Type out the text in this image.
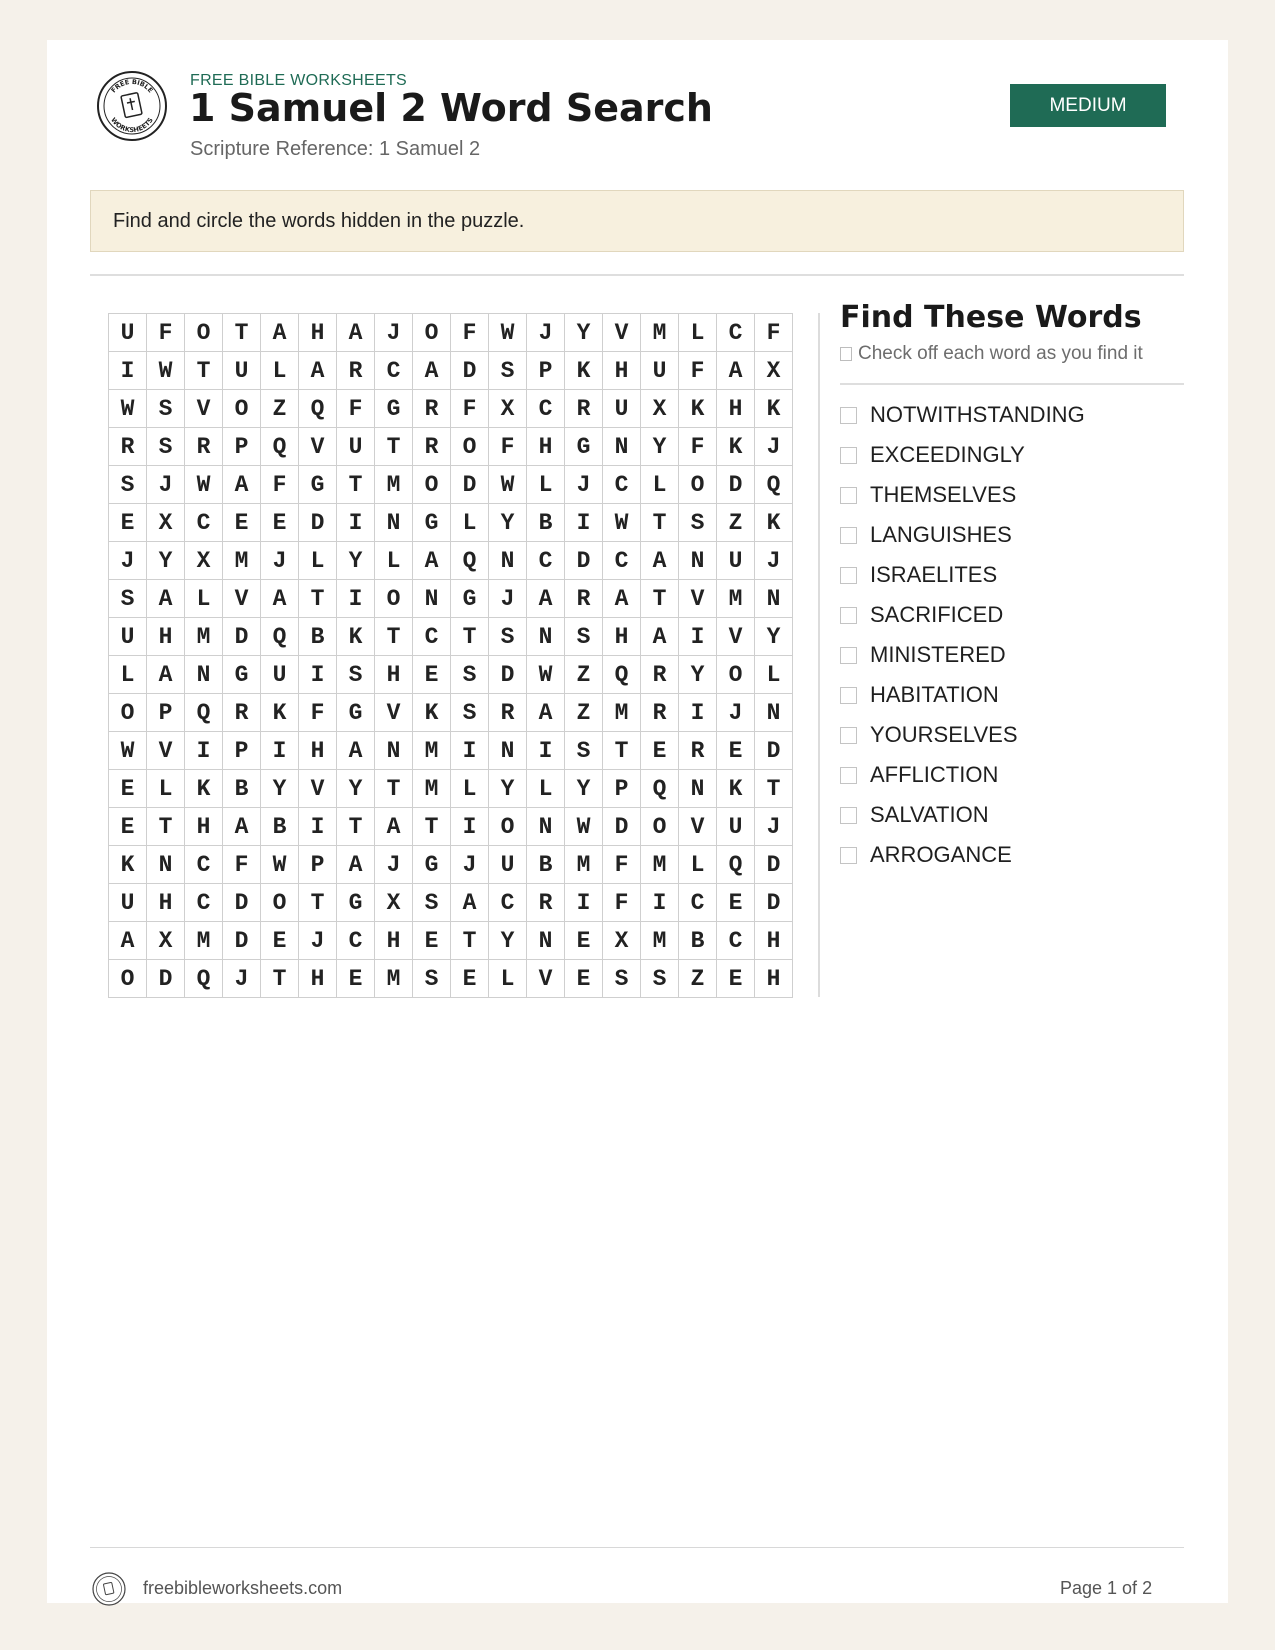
FREE BIBLE
WORKSHEETS
FREE BIBLE WORKSHEETS
1 Samuel 2 Word Search
Scripture Reference: 1 Samuel 2
MEDIUM
Find and circle the words hidden in the puzzle.
U	F	O	T	A	H	A	J	O	F	W	J	Y	V	M	L	C	F
I	W	T	U	L	A	R	C	A	D	S	P	K	H	U	F	A	X
W	S	V	O	Z	Q	F	G	R	F	X	C	R	U	X	K	H	K
R	S	R	P	Q	V	U	T	R	O	F	H	G	N	Y	F	K	J
S	J	W	A	F	G	T	M	O	D	W	L	J	C	L	O	D	Q
E	X	C	E	E	D	I	N	G	L	Y	B	I	W	T	S	Z	K
J	Y	X	M	J	L	Y	L	A	Q	N	C	D	C	A	N	U	J
S	A	L	V	A	T	I	O	N	G	J	A	R	A	T	V	M	N
U	H	M	D	Q	B	K	T	C	T	S	N	S	H	A	I	V	Y
L	A	N	G	U	I	S	H	E	S	D	W	Z	Q	R	Y	O	L
O	P	Q	R	K	F	G	V	K	S	R	A	Z	M	R	I	J	N
W	V	I	P	I	H	A	N	M	I	N	I	S	T	E	R	E	D
E	L	K	B	Y	V	Y	T	M	L	Y	L	Y	P	Q	N	K	T
E	T	H	A	B	I	T	A	T	I	O	N	W	D	O	V	U	J
K	N	C	F	W	P	A	J	G	J	U	B	M	F	M	L	Q	D
U	H	C	D	O	T	G	X	S	A	C	R	I	F	I	C	E	D
A	X	M	D	E	J	C	H	E	T	Y	N	E	X	M	B	C	H
O	D	Q	J	T	H	E	M	S	E	L	V	E	S	S	Z	E	H
Find These Words
Check off each word as you find it
NOTWITHSTANDING
EXCEEDINGLY
THEMSELVES
LANGUISHES
ISRAELITES
SACRIFICED
MINISTERED
HABITATION
YOURSELVES
AFFLICTION
SALVATION
ARROGANCE
freebibleworksheets.com	Page 1 of 2
